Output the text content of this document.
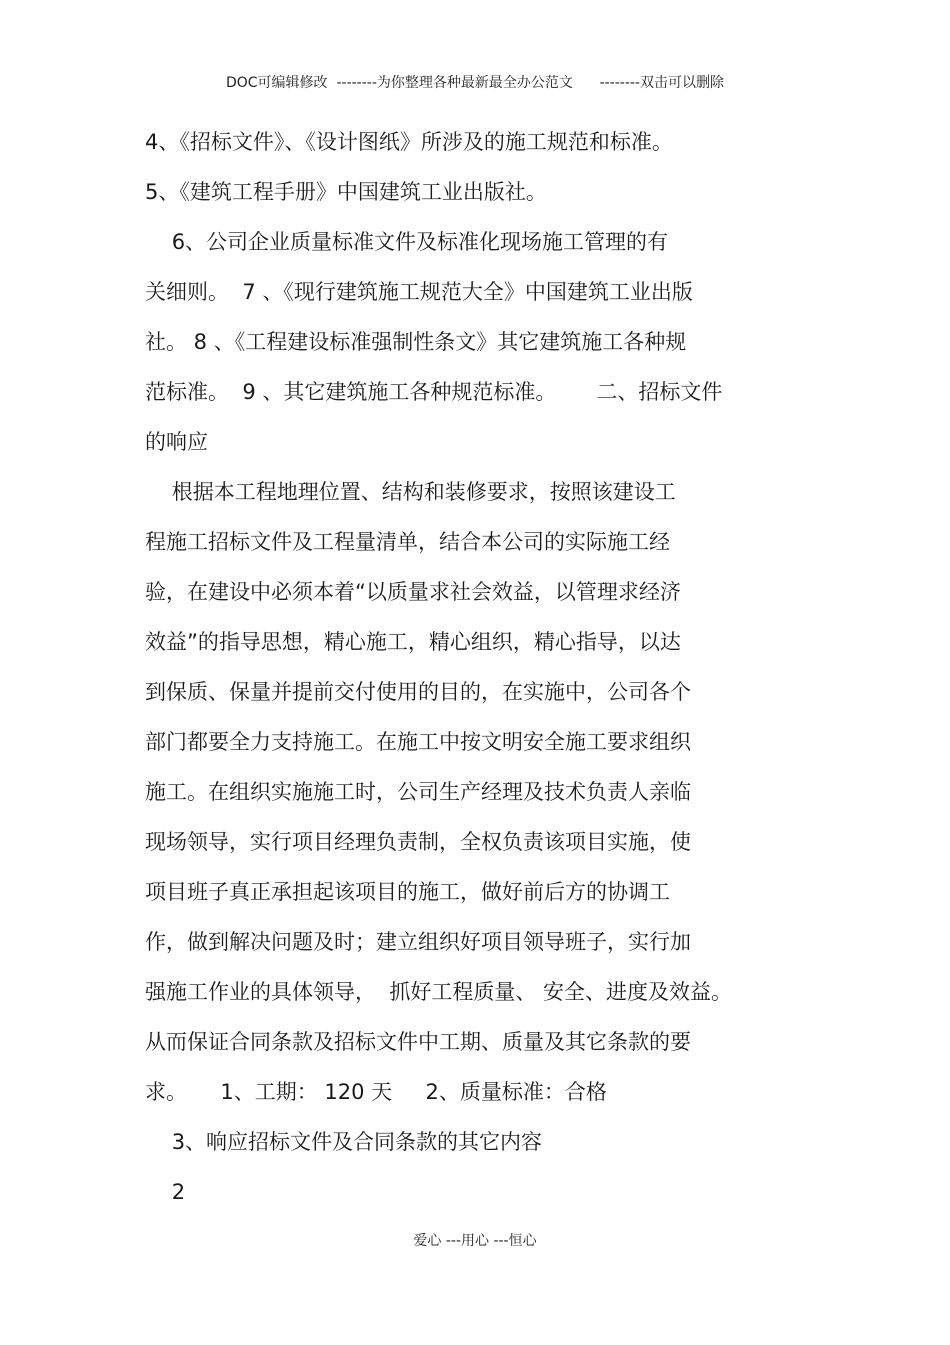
DOC可编辑修改  --------为你整理各种最新最全办公范文      --------双击可以删除
4、《招标文件》、《设计图纸》所涉及的施工规范和标准。
5、《建筑工程手册》中国建筑工业出版社。
6、公司企业质量标准文件及标准化现场施工管理的有
关细则。  7 、《现行建筑施工规范大全》中国建筑工业出版
社。 8 、《工程建设标准强制性条文》其它建筑施工各种规
范标准。  9 、其它建筑施工各种规范标准。      二、招标文件
的响应
根据本工程地理位置、结构和装修要求，按照该建设工
程施工招标文件及工程量清单，结合本公司的实际施工经
验，在建设中必须本着“以质量求社会效益，以管理求经济
效益”的指导思想，精心施工，精心组织，精心指导，以达
到保质、保量并提前交付使用的目的，在实施中，公司各个
部门都要全力支持施工。在施工中按文明安全施工要求组织
施工。在组织实施施工时，公司生产经理及技术负责人亲临
现场领导，实行项目经理负责制，全权负责该项目实施，使
项目班子真正承担起该项目的施工，做好前后方的协调工
作，做到解决问题及时；建立组织好项目领导班子，实行加
强施工作业的具体领导，  抓好工程质量、 安全、进度及效益。
从而保证合同条款及招标文件中工期、质量及其它条款的要
求。     1、工期： 120 天     2、质量标准：合格
3、响应招标文件及合同条款的其它内容
2
爱心 ---用心 ---恒心
